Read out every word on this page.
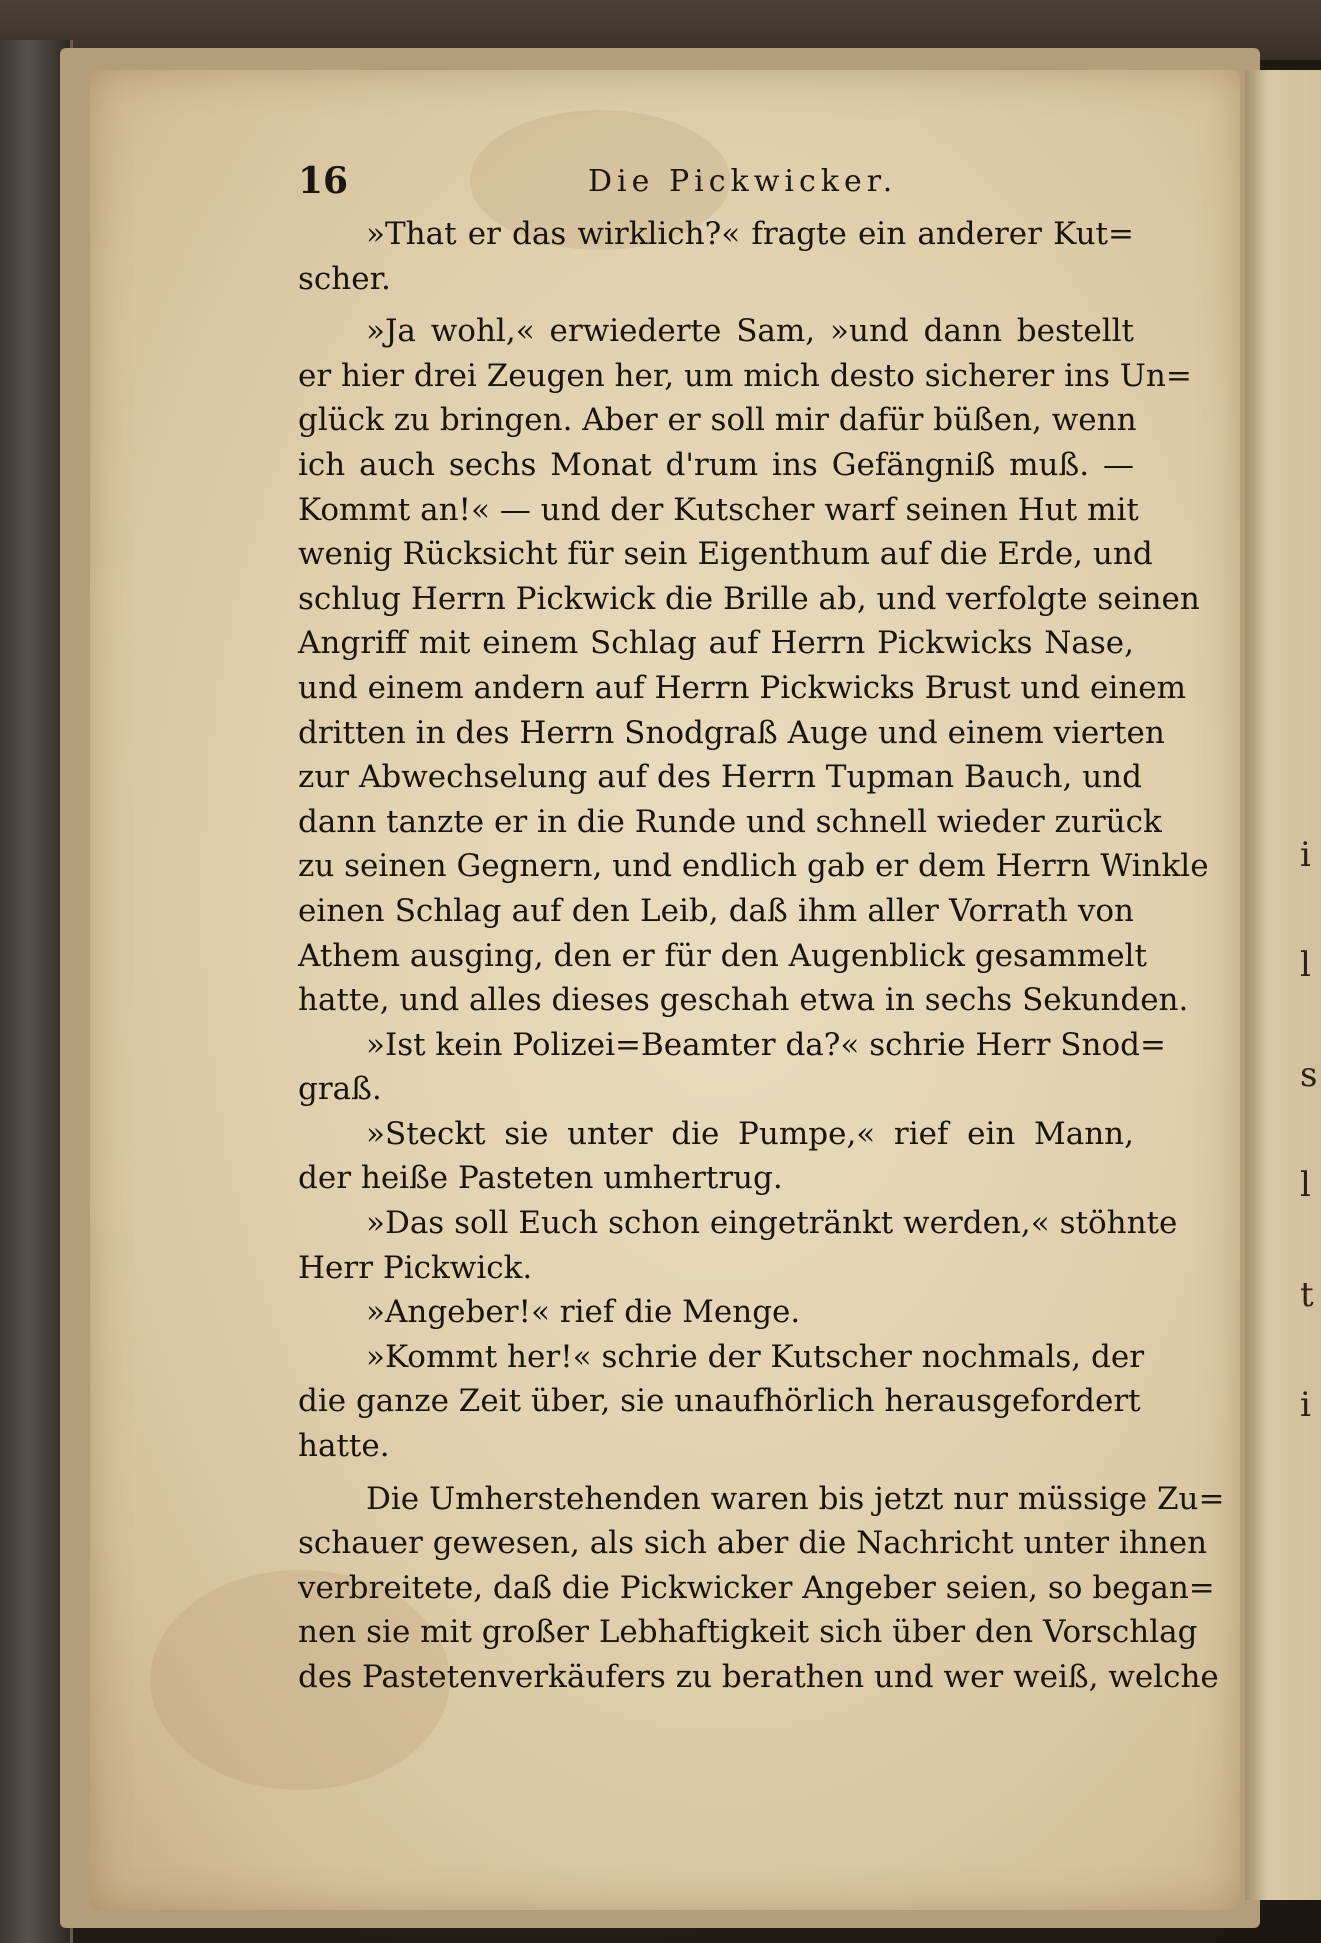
i
l
s
l
t
i
16	Die Pickwicker.
»That er das wirklich?« fragte ein anderer Kut=
scher.
»Ja wohl,« erwiederte Sam, »und dann bestellt
er hier drei Zeugen her, um mich desto sicherer ins Un=
glück zu bringen. Aber er soll mir dafür büßen, wenn
ich auch sechs Monat d'rum ins Gefängniß muß. —
Kommt an!« — und der Kutscher warf seinen Hut mit
wenig Rücksicht für sein Eigenthum auf die Erde, und
schlug Herrn Pickwick die Brille ab, und verfolgte seinen
Angriff mit einem Schlag auf Herrn Pickwicks Nase,
und einem andern auf Herrn Pickwicks Brust und einem
dritten in des Herrn Snodgraß Auge und einem vierten
zur Abwechselung auf des Herrn Tupman Bauch, und
dann tanzte er in die Runde und schnell wieder zurück
zu seinen Gegnern, und endlich gab er dem Herrn Winkle
einen Schlag auf den Leib, daß ihm aller Vorrath von
Athem ausging, den er für den Augenblick gesammelt
hatte, und alles dieses geschah etwa in sechs Sekunden.
»Ist kein Polizei=Beamter da?« schrie Herr Snod=
graß.
»Steckt sie unter die Pumpe,« rief ein Mann,
der heiße Pasteten umhertrug.
»Das soll Euch schon eingetränkt werden,« stöhnte
Herr Pickwick.
»Angeber!« rief die Menge.
»Kommt her!« schrie der Kutscher nochmals, der
die ganze Zeit über, sie unaufhörlich herausgefordert
hatte.
Die Umherstehenden waren bis jetzt nur müssige Zu=
schauer gewesen, als sich aber die Nachricht unter ihnen
verbreitete, daß die Pickwicker Angeber seien, so began=
nen sie mit großer Lebhaftigkeit sich über den Vorschlag
des Pastetenverkäufers zu berathen und wer weiß, welche
